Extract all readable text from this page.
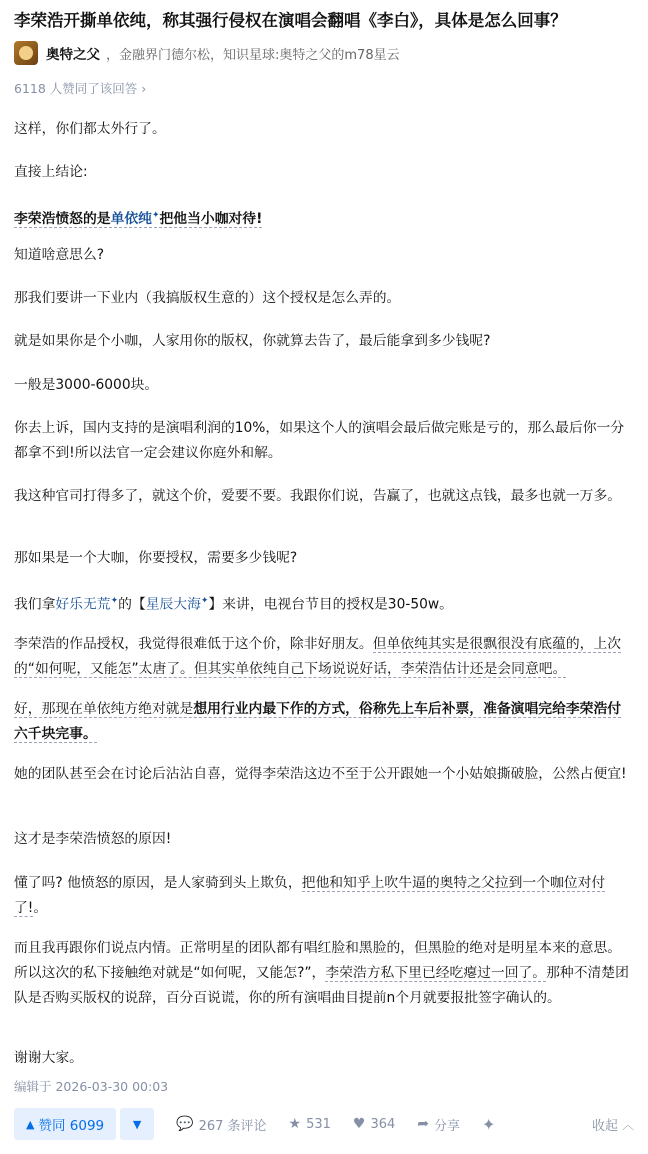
李荣浩开撕单依纯，称其强行侵权在演唱会翻唱《李白》，具体是怎么回事？
奥特之父 ，金融界门德尔松，知识星球:奥特之父的m78星云
6118 人赞同了该回答 ›
这样，你们都太外行了。
直接上结论:
李荣浩愤怒的是单依纯✦把他当小咖对待!
知道啥意思么?
那我们要讲一下业内（我搞版权生意的）这个授权是怎么弄的。
就是如果你是个小咖，人家用你的版权，你就算去告了，最后能拿到多少钱呢?
一般是3000-6000块。
你去上诉，国内支持的是演唱利润的10%，如果这个人的演唱会最后做完账是亏的，那么最后你一分都拿不到!所以法官一定会建议你庭外和解。
我这种官司打得多了，就这个价，爱要不要。我跟你们说，告赢了，也就这点钱，最多也就一万多。
那如果是一个大咖，你要授权，需要多少钱呢?
我们拿好乐无荒✦的【星辰大海✦】来讲，电视台节目的授权是30-50w。
李荣浩的作品授权，我觉得很难低于这个价，除非好朋友。但单依纯其实是很飘很没有底蕴的，上次的“如何呢，又能怎”太唐了。但其实单依纯自己下场说说好话，李荣浩估计还是会同意吧。
好，那现在单依纯方绝对就是想用行业内最下作的方式，俗称先上车后补票，准备演唱完给李荣浩付六千块完事。
她的团队甚至会在讨论后沾沾自喜，觉得李荣浩这边不至于公开跟她一个小姑娘撕破脸，公然占便宜!
这才是李荣浩愤怒的原因!
懂了吗? 他愤怒的原因，是人家骑到头上欺负，把他和知乎上吹牛逼的奥特之父拉到一个咖位对付了!。
而且我再跟你们说点内情。正常明星的团队都有唱红脸和黑脸的，但黑脸的绝对是明星本来的意思。所以这次的私下接触绝对就是“如何呢，又能怎?”，李荣浩方私下里已经吃瘪过一回了。那种不清楚团队是否购买版权的说辞，百分百说谎，你的所有演唱曲目提前n个月就要报批签字确认的。
谢谢大家。
编辑于 2026-03-30 00:03
▲ 赞同 6099	▼ 💬 267 条评论 ★ 531 ♥ 364 ➦ 分享 ✦	收起 ︿
